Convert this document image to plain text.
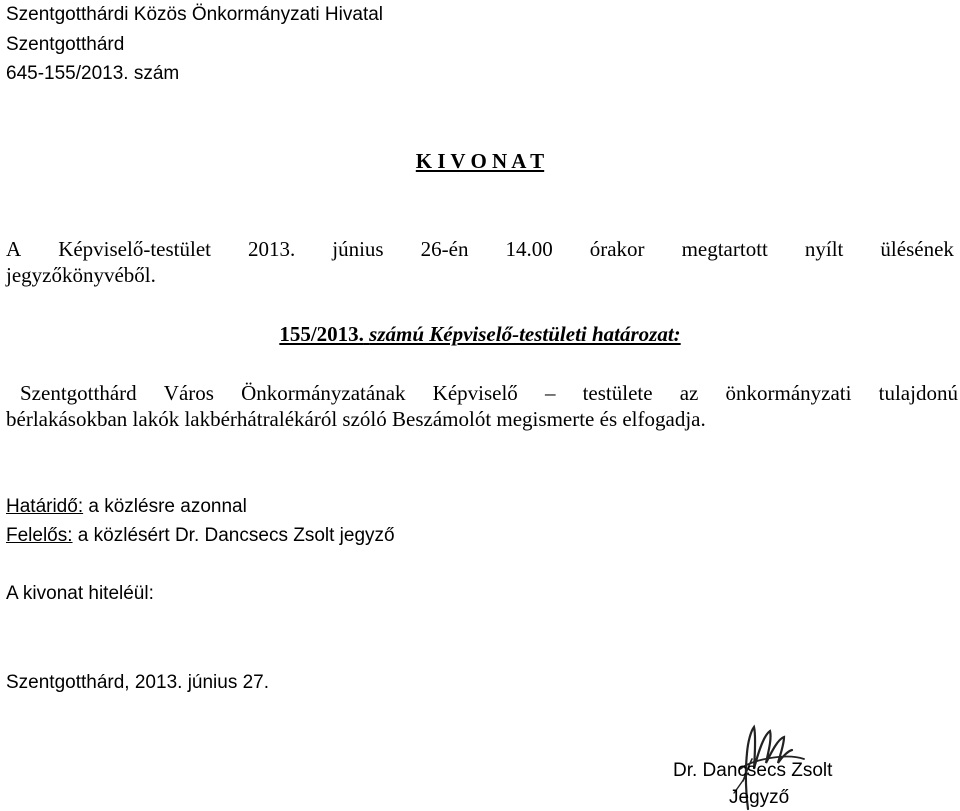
Szentgotthárdi Közös Önkormányzati Hivatal
Szentgotthárd
645-155/2013. szám
K I V O N A T
A Képviselő-testület 2013. június 26-én 14.00 órakor megtartott nyílt ülésének
jegyzőkönyvéből.
155/2013. számú Képviselő-testületi határozat:
Szentgotthárd Város Önkormányzatának Képviselő – testülete az önkormányzati tulajdonú
bérlakásokban lakók lakbérhátralékáról szóló Beszámolót megismerte és elfogadja.
Határidő: a közlésre azonnal
Felelős: a közlésért Dr. Dancsecs Zsolt jegyző
A kivonat hiteléül:
Szentgotthárd, 2013. június 27.
Dr. Dancsecs Zsolt
Jegyző
